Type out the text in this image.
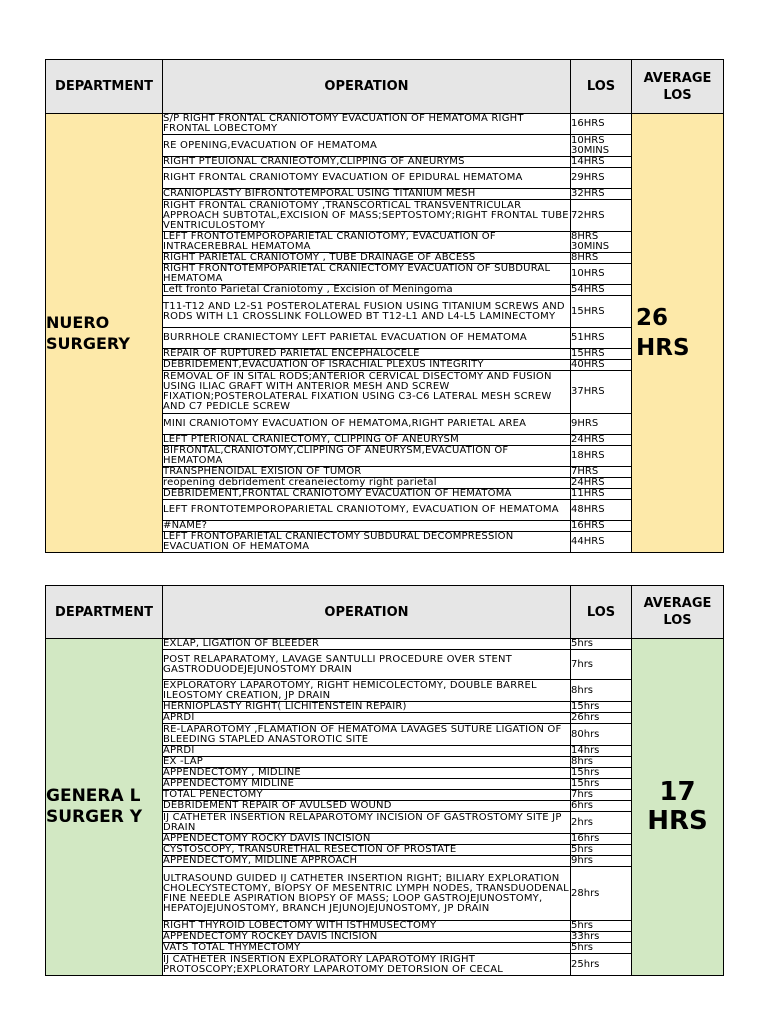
DEPARTMENT	OPERATION	LOS	AVERAGE LOS
NUERO SURGERY	S/P RIGHT FRONTAL CRANIOTOMY EVACUATION OF HEMATOMA RIGHT FRONTAL LOBECTOMY	16HRS	26 HRS
	RE OPENING,EVACUATION OF HEMATOMA	10HRS 30MINS	
	RIGHT PTEUIONAL CRANIEOTOMY,CLIPPING OF ANEURYMS	14HRS	
	RIGHT FRONTAL CRANIOTOMY EVACUATION OF EPIDURAL HEMATOMA	29HRS	
	CRANIOPLASTY BIFRONTOTEMPORAL USING TITANIUM MESH	32HRS	
	RIGHT FRONTAL CRANIOTOMY ,TRANSCORTICAL TRANSVENTRICULAR APPROACH SUBTOTAL,EXCISION OF MASS;SEPTOSTOMY;RIGHT FRONTAL TUBE VENTRICULOSTOMY	72HRS	
	LEFT FRONTOTEMPOROPARIETAL CRANIOTOMY, EVACUATION OF INTRACEREBRAL HEMATOMA	8HRS 30MINS	
	RIGHT PARIETAL CRANIOTOMY , TUBE DRAINAGE OF ABCESS	8HRS	
	RIGHT FRONTOTEMPOPARIETAL CRANIECTOMY EVACUATION OF SUBDURAL HEMATOMA	10HRS	
	Left fronto Parietal Craniotomy , Excision of Meningoma	54HRS	
	T11-T12 AND L2-S1 POSTEROLATERAL FUSION USING TITANIUM SCREWS AND RODS WITH L1 CROSSLINK FOLLOWED BT T12-L1 AND L4-L5 LAMINECTOMY	15HRS	
	BURRHOLE CRANIECTOMY LEFT PARIETAL EVACUATION OF HEMATOMA	51HRS	
	REPAIR OF RUPTURED PARIETAL ENCEPHALOCELE	15HRS	
	DEBRIDEMENT,EVACUATION OF ISRACHIAL PLEXUS INTEGRITY	40HRS	
	REMOVAL OF IN SITAL RODS;ANTERIOR CERVICAL DISECTOMY AND FUSION USING ILIAC GRAFT WITH ANTERIOR MESH AND SCREW FIXATION;POSTEROLATERAL FIXATION USING C3-C6 LATERAL MESH SCREW AND C7 PEDICLE SCREW	37HRS	
	MINI CRANIOTOMY EVACUATION OF HEMATOMA,RIGHT PARIETAL AREA	9HRS	
	LEFT PTERIONAL CRANIECTOMY, CLIPPING OF ANEURYSM	24HRS	
	BIFRONTAL,CRANIOTOMY,CLIPPING OF ANEURYSM,EVACUATION OF HEMATOMA	18HRS	
	TRANSPHENOIDAL EXISION OF TUMOR	7HRS	
	reopening debridement creaneiectomy right parietal	24HRS	
	DEBRIDEMENT,FRONTAL CRANIOTOMY EVACUATION OF HEMATOMA	11HRS	
	LEFT FRONTOTEMPOROPARIETAL CRANIOTOMY, EVACUATION OF HEMATOMA	48HRS	
	#NAME?	16HRS	
	LEFT FRONTOPARIETAL CRANIECTOMY SUBDURAL DECOMPRESSION EVACUATION OF HEMATOMA	44HRS	
DEPARTMENT	OPERATION	LOS	AVERAGE LOS
GENERA L SURGER Y	EXLAP, LIGATION OF BLEEDER	5hrs	17 HRS
	POST RELAPARATOMY, LAVAGE SANTULLI PROCEDURE OVER STENT GASTRODUODEJEJUNOSTOMY DRAIN	7hrs	
	EXPLORATORY LAPAROTOMY, RIGHT HEMICOLECTOMY, DOUBLE BARREL ILEOSTOMY CREATION, JP DRAIN	8hrs	
	HERNIOPLASTY RIGHT( LICHITENSTEIN REPAIR)	15hrs	
	APRDI	26hrs	
	RE-LAPAROTOMY ,FLAMATION OF HEMATOMA LAVAGES SUTURE LIGATION OF BLEEDING STAPLED ANASTOROTIC SITE	80hrs	
	APRDI	14hrs	
	EX -LAP	8hrs	
	APPENDECTOMY , MIDLINE	15hrs	
	APPENDECTOMY MIDLINE	15hrs	
	TOTAL PENECTOMY	7hrs	
	DEBRIDEMENT REPAIR OF AVULSED WOUND	6hrs	
	IJ CATHETER INSERTION RELAPAROTOMY INCISION OF GASTROSTOMY SITE JP DRAIN	2hrs	
	APPENDECTOMY ROCKY DAVIS INCISION	16hrs	
	CYSTOSCOPY, TRANSURETHAL RESECTION OF PROSTATE	5hrs	
	APPENDECTOMY, MIDLINE APPROACH	9hrs	
	ULTRASOUND GUIDED IJ CATHETER INSERTION RIGHT; BILIARY EXPLORATION CHOLECYSTECTOMY, BIOPSY OF MESENTRIC LYMPH NODES, TRANSDUODENAL FINE NEEDLE ASPIRATION BIOPSY OF MASS; LOOP GASTROJEJUNOSTOMY, HEPATOJEJUNOSTOMY, BRANCH JEJUNOJEJUNOSTOMY, JP DRAIN	28hrs	
	RIGHT THYROID LOBECTOMY WITH ISTHMUSECTOMY	5hrs	
	APPENDECTOMY ROCKEY DAVIS INCISION	33hrs	
	VATS TOTAL THYMECTOMY	5hrs	
	IJ CATHETER INSERTION EXPLORATORY LAPAROTOMY IRIGHT PROTOSCOPY;EXPLORATORY LAPAROTOMY DETORSION OF CECAL	25hrs	
